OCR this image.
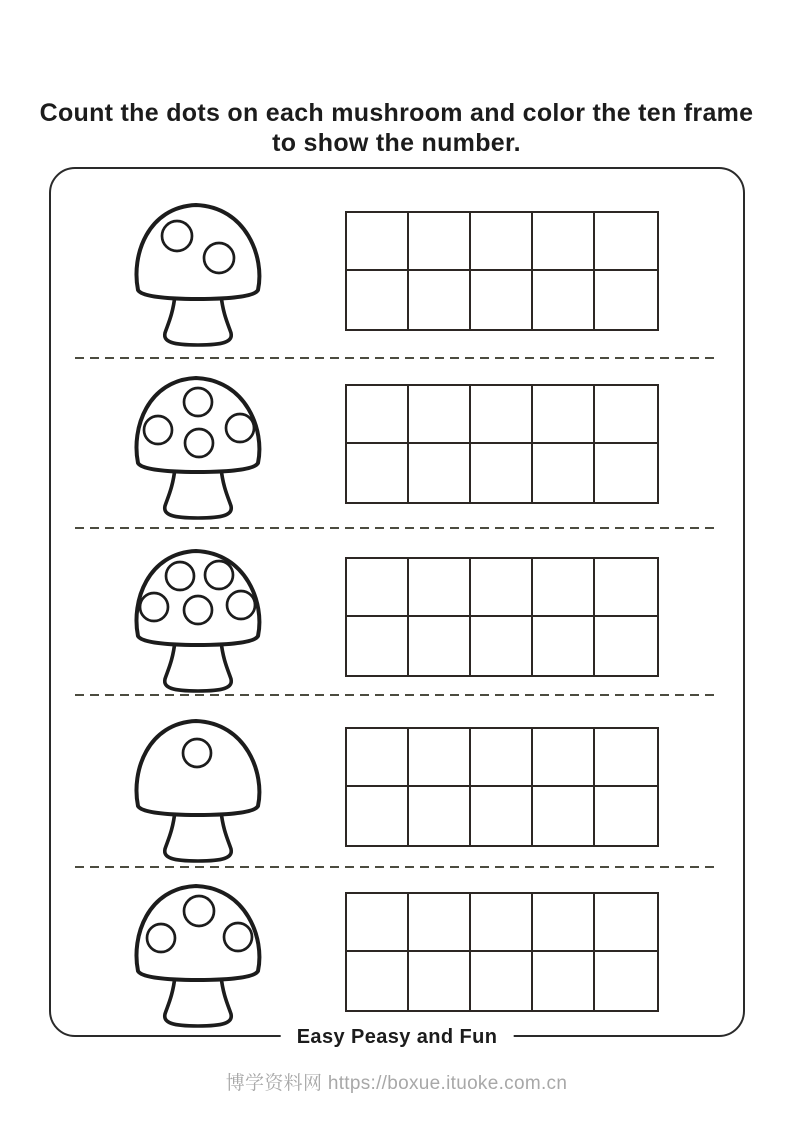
Count the dots on each mushroom and color the ten frame
to show the number.
Easy Peasy and Fun
博学资料网 https://boxue.ituoke.com.cn
